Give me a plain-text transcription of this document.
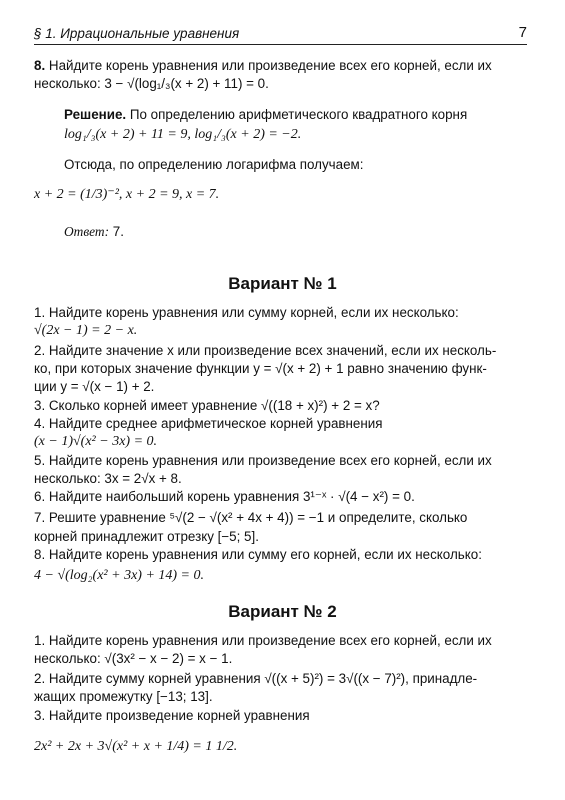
§ 1. Иррациональные уравнения	7
8. Найдите корень уравнения или произведение всех его корней, если их
несколько: 3 − √(log₁/₃(x + 2) + 11) = 0.
Решение. По определению арифметического квадратного корня
log₁/₃(x + 2) + 11 = 9, log₁/₃(x + 2) = −2.
Отсюда, по определению логарифма получаем:
x + 2 = (1/3)⁻², x + 2 = 9, x = 7.
Ответ: 7.
Вариант № 1
1. Найдите корень уравнения или сумму корней, если их несколько:
√(2x − 1) = 2 − x.
2. Найдите значение x или произведение всех значений, если их несколь-
ко, при которых значение функции y = √(x + 2) + 1 равно значению функ-
ции y = √(x − 1) + 2.
3. Сколько корней имеет уравнение √((18 + x)²) + 2 = x?
4. Найдите среднее арифметическое корней уравнения
(x − 1)√(x² − 3x) = 0.
5. Найдите корень уравнения или произведение всех его корней, если их
несколько: 3x = 2√x + 8.
6. Найдите наибольший корень уравнения 3¹⁻ˣ · √(4 − x²) = 0.
7. Решите уравнение ⁵√(2 − √(x² + 4x + 4)) = −1 и определите, сколько
корней принадлежит отрезку [−5; 5].
8. Найдите корень уравнения или сумму его корней, если их несколько:
4 − √(log₂(x² + 3x) + 14) = 0.
Вариант № 2
1. Найдите корень уравнения или произведение всех его корней, если их
несколько: √(3x² − x − 2) = x − 1.
2. Найдите сумму корней уравнения √((x + 5)²) = 3√((x − 7)²), принадле-
жащих промежутку [−13; 13].
3. Найдите произведение корней уравнения
2x² + 2x + 3√(x² + x + 1/4) = 1 1/2.
